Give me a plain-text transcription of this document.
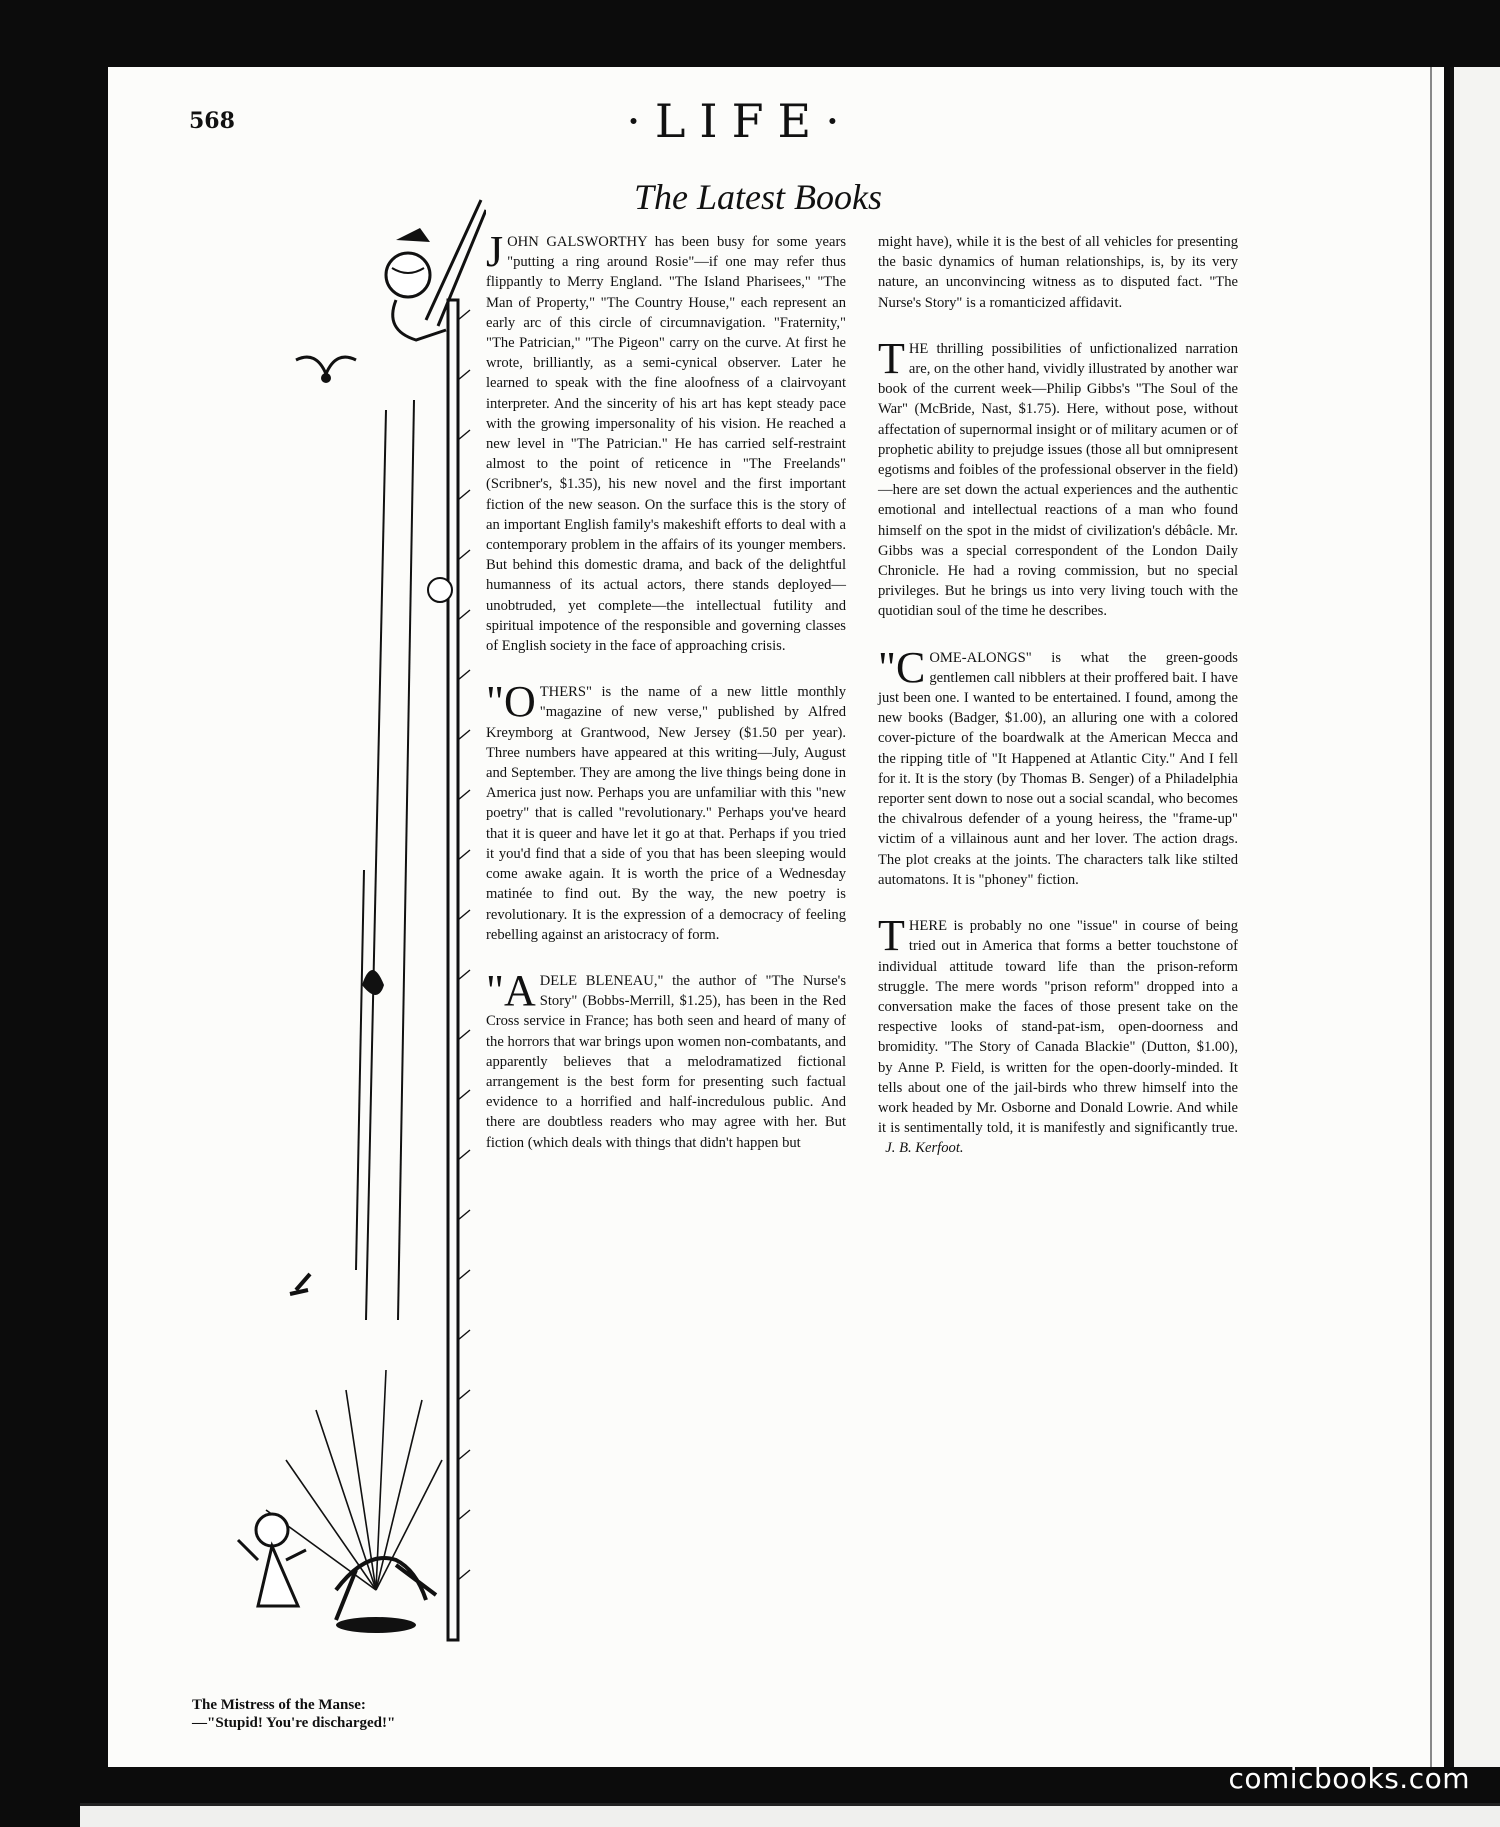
568	·LIFE·
The Latest Books
The Mistress of the Manse:
—"Stupid! You're discharged!"

JOHN GALSWORTHY has been busy for some years "putting a ring around Rosie"—if one may refer thus flippantly to Merry England. "The Island Pharisees," "The Man of Property," "The Country House," each represent an early arc of this circle of circumnavigation. "Fraternity," "The Patrician," "The Pigeon" carry on the curve. At first he wrote, brilliantly, as a semi-cynical observer. Later he learned to speak with the fine aloofness of a clairvoyant interpreter. And the sincerity of his art has kept steady pace with the growing impersonality of his vision. He reached a new level in "The Patrician." He has carried self-restraint almost to the point of reticence in "The Freelands" (Scribner's, $1.35), his new novel and the first important fiction of the new season. On the surface this is the story of an important English family's makeshift efforts to deal with a contemporary problem in the affairs of its younger members. But behind this domestic drama, and back of the delightful humanness of its actual actors, there stands deployed—unobtruded, yet complete—the intellectual futility and spiritual impotence of the responsible and governing classes of English society in the face of approaching crisis.

"OTHERS" is the name of a new little monthly "magazine of new verse," published by Alfred Kreymborg at Grantwood, New Jersey ($1.50 per year). Three numbers have appeared at this writing—July, August and September. They are among the live things being done in America just now. Perhaps you are unfamiliar with this "new poetry" that is called "revolutionary." Perhaps you've heard that it is queer and have let it go at that. Perhaps if you tried it you'd find that a side of you that has been sleeping would come awake again. It is worth the price of a Wednesday matinée to find out. By the way, the new poetry is revolutionary. It is the expression of a democracy of feeling rebelling against an aristocracy of form.

"ADELE BLENEAU," the author of "The Nurse's Story" (Bobbs-Merrill, $1.25), has been in the Red Cross service in France; has both seen and heard of many of the horrors that war brings upon women non-combatants, and apparently believes that a melodramatized fictional arrangement is the best form for presenting such factual evidence to a horrified and half-incredulous public. And there are doubtless readers who may agree with her. But fiction (which deals with things that didn't happen but

might have), while it is the best of all vehicles for presenting the basic dynamics of human relationships, is, by its very nature, an unconvincing witness as to disputed fact. "The Nurse's Story" is a romanticized affidavit.

THE thrilling possibilities of unfictionalized narration are, on the other hand, vividly illustrated by another war book of the current week—Philip Gibbs's "The Soul of the War" (McBride, Nast, $1.75). Here, without pose, without affectation of supernormal insight or of military acumen or of prophetic ability to prejudge issues (those all but omnipresent egotisms and foibles of the professional observer in the field)—here are set down the actual experiences and the authentic emotional and intellectual reactions of a man who found himself on the spot in the midst of civilization's débâcle. Mr. Gibbs was a special correspondent of the London Daily Chronicle. He had a roving commission, but no special privileges. But he brings us into very living touch with the quotidian soul of the time he describes.

"COME-ALONGS" is what the green-goods gentlemen call nibblers at their proffered bait. I have just been one. I wanted to be entertained. I found, among the new books (Badger, $1.00), an alluring one with a colored cover-picture of the boardwalk at the American Mecca and the ripping title of "It Happened at Atlantic City." And I fell for it. It is the story (by Thomas B. Senger) of a Philadelphia reporter sent down to nose out a social scandal, who becomes the chivalrous defender of a young heiress, the "frame-up" victim of a villainous aunt and her lover. The action drags. The plot creaks at the joints. The characters talk like stilted automatons. It is "phoney" fiction.

THERE is probably no one "issue" in course of being tried out in America that forms a better touchstone of individual attitude toward life than the prison-reform struggle. The mere words "prison reform" dropped into a conversation make the faces of those present take on the respective looks of stand-pat-ism, open-doorness and bromidity. "The Story of Canada Blackie" (Dutton, $1.00), by Anne P. Field, is written for the open-doorly-minded. It tells about one of the jail-birds who threw himself into the work headed by Mr. Osborne and Donald Lowrie. And while it is sentimentally told, it is manifestly and significantly true.   J. B. Kerfoot.

comicbooks.com
